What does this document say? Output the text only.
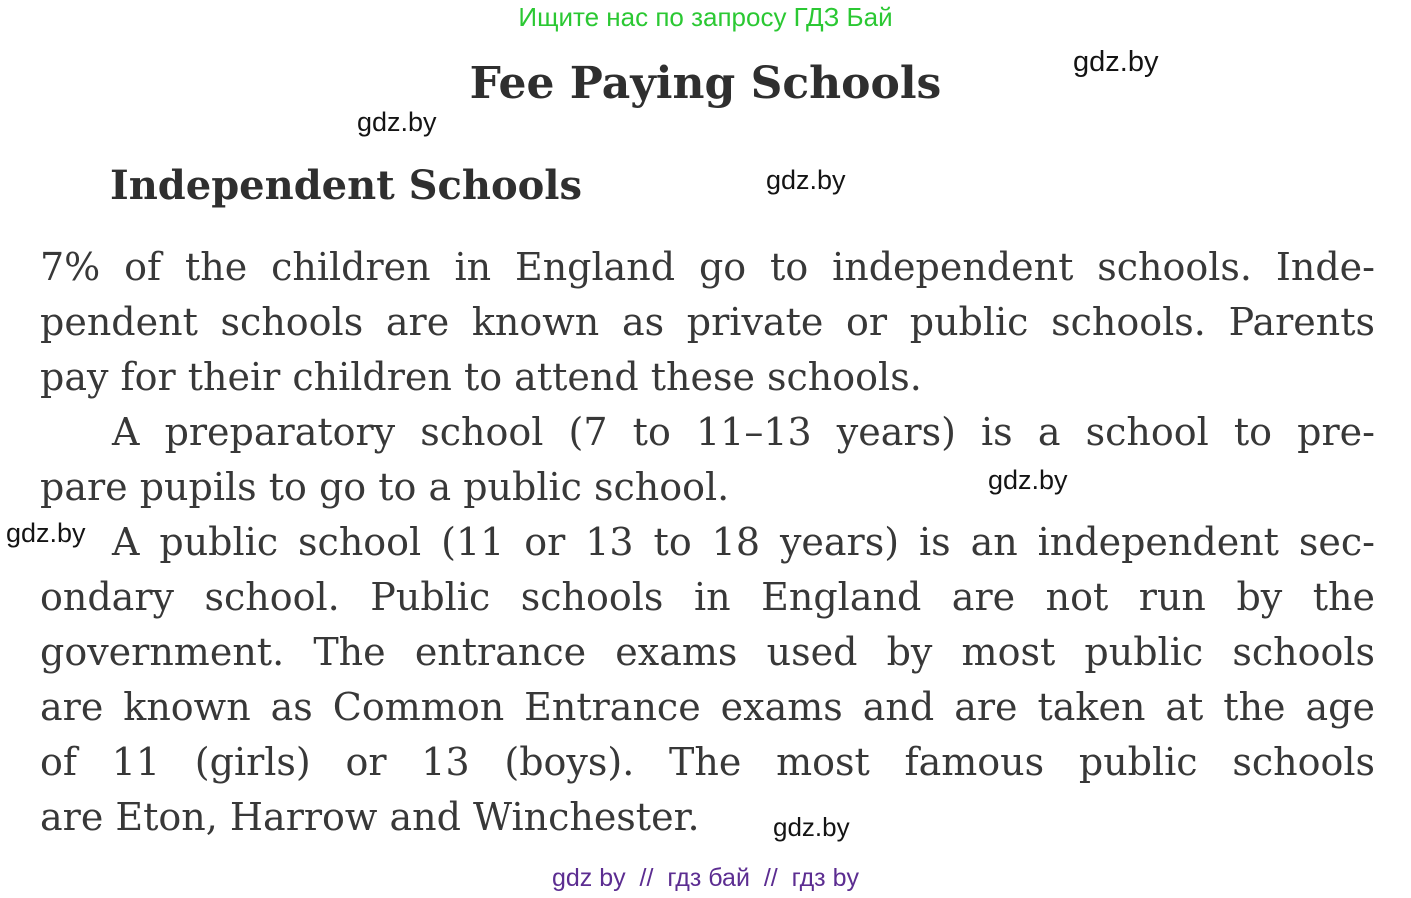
Ищите нас по запросу ГДЗ Бай
gdz.by
gdz.by
gdz.by
gdz.by
gdz.by
gdz.by
Fee Paying Schools
Independent Schools
7% of the children in England go to independent schools. Inde-
pendent schools are known as private or public schools. Parents
pay for their children to attend these schools.
A preparatory school (7 to 11–13 years) is a school to pre-
pare pupils to go to a public school.
A public school (11 or 13 to 18 years) is an independent sec-
ondary school. Public schools in England are not run by the
government. The entrance exams used by most public schools
are known as Common Entrance exams and are taken at the age
of 11 (girls) or 13 (boys). The most famous public schools
are Eton, Harrow and Winchester.
gdz by  //  гдз бай  //  гдз by
